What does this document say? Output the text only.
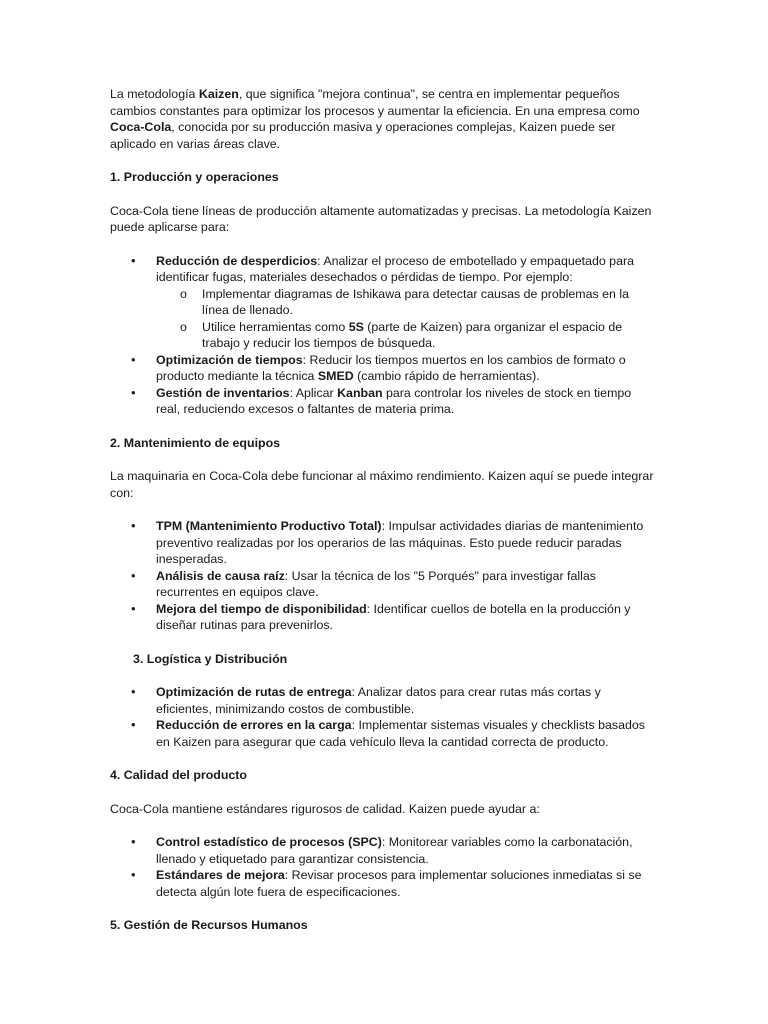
La metodología Kaizen, que significa "mejora continua", se centra en implementar pequeños cambios constantes para optimizar los procesos y aumentar la eficiencia. En una empresa como Coca-Cola, conocida por su producción masiva y operaciones complejas, Kaizen puede ser aplicado en varias áreas clave.

1. Producción y operaciones

Coca-Cola tiene líneas de producción altamente automatizadas y precisas. La metodología Kaizen puede aplicarse para:

• Reducción de desperdicios: Analizar el proceso de embotellado y empaquetado para identificar fugas, materiales desechados o pérdidas de tiempo. Por ejemplo:
o Implementar diagramas de Ishikawa para detectar causas de problemas en la línea de llenado.
o Utilice herramientas como 5S (parte de Kaizen) para organizar el espacio de trabajo y reducir los tiempos de búsqueda.
• Optimización de tiempos: Reducir los tiempos muertos en los cambios de formato o producto mediante la técnica SMED (cambio rápido de herramientas).
• Gestión de inventarios: Aplicar Kanban para controlar los niveles de stock en tiempo real, reduciendo excesos o faltantes de materia prima.

2. Mantenimiento de equipos

La maquinaria en Coca-Cola debe funcionar al máximo rendimiento. Kaizen aquí se puede integrar con:

• TPM (Mantenimiento Productivo Total): Impulsar actividades diarias de mantenimiento preventivo realizadas por los operarios de las máquinas. Esto puede reducir paradas inesperadas.
• Análisis de causa raíz: Usar la técnica de los "5 Porqués" para investigar fallas recurrentes en equipos clave.
• Mejora del tiempo de disponibilidad: Identificar cuellos de botella en la producción y diseñar rutinas para prevenirlos.

3. Logística y Distribución

• Optimización de rutas de entrega: Analizar datos para crear rutas más cortas y eficientes, minimizando costos de combustible.
• Reducción de errores en la carga: Implementar sistemas visuales y checklists basados en Kaizen para asegurar que cada vehículo lleva la cantidad correcta de producto.

4. Calidad del producto

Coca-Cola mantiene estándares rigurosos de calidad. Kaizen puede ayudar a:

• Control estadístico de procesos (SPC): Monitorear variables como la carbonatación, llenado y etiquetado para garantizar consistencia.
• Estándares de mejora: Revisar procesos para implementar soluciones inmediatas si se detecta algún lote fuera de especificaciones.

5. Gestión de Recursos Humanos
